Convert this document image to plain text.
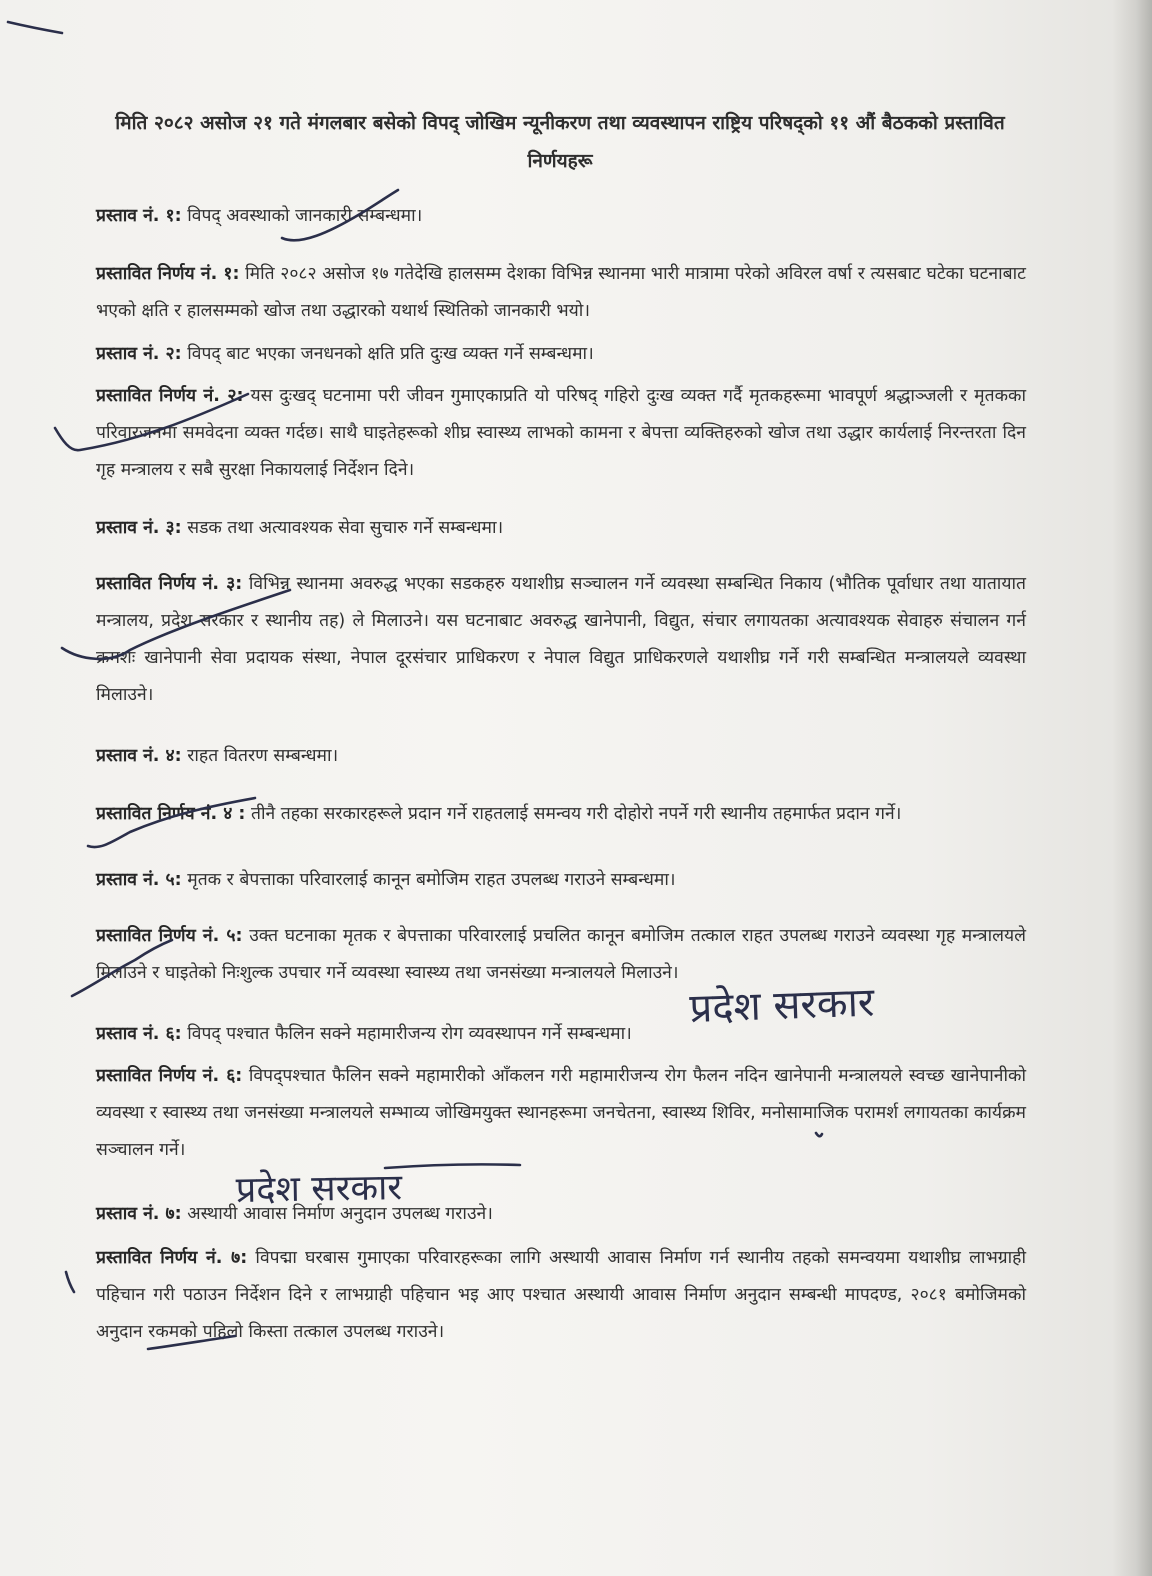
मिति २०८२ असोज २१ गते मंगलबार बसेको विपद् जोखिम न्यूनीकरण तथा व्यवस्थापन राष्ट्रिय परिषद्को ११ औं बैठकको प्रस्तावित निर्णयहरू
प्रस्ताव नं. १: विपद् अवस्थाको जानकारी सम्बन्धमा।
प्रस्तावित निर्णय नं. १: मिति २०८२ असोज १७ गतेदेखि हालसम्म देशका विभिन्न स्थानमा भारी मात्रामा परेको अविरल वर्षा र त्यसबाट घटेका घटनाबाट भएको क्षति र हालसम्मको खोज तथा उद्धारको यथार्थ स्थितिको जानकारी भयो।
प्रस्ताव नं. २: विपद् बाट भएका जनधनको क्षति प्रति दुःख व्यक्त गर्ने सम्बन्धमा।
प्रस्तावित निर्णय नं. २: यस दुःखद् घटनामा परी जीवन गुमाएकाप्रति यो परिषद् गहिरो दुःख व्यक्त गर्दै मृतकहरूमा भावपूर्ण श्रद्धाञ्जली र मृतकका परिवारजनमा समवेदना व्यक्त गर्दछ। साथै घाइतेहरूको शीघ्र स्वास्थ्य लाभको कामना र बेपत्ता व्यक्तिहरुको खोज तथा उद्धार कार्यलाई निरन्तरता दिन गृह मन्त्रालय र सबै सुरक्षा निकायलाई निर्देशन दिने।
प्रस्ताव नं. ३: सडक तथा अत्यावश्यक सेवा सुचारु गर्ने सम्बन्धमा।
प्रस्तावित निर्णय नं. ३: विभिन्न स्थानमा अवरुद्ध भएका सडकहरु यथाशीघ्र सञ्चालन गर्ने व्यवस्था सम्बन्धित निकाय (भौतिक पूर्वाधार तथा यातायात मन्त्रालय, प्रदेश सरकार र स्थानीय तह) ले मिलाउने। यस घटनाबाट अवरुद्ध खानेपानी, विद्युत, संचार लगायतका अत्यावश्यक सेवाहरु संचालन गर्न क्रमशः खानेपानी सेवा प्रदायक संस्था, नेपाल दूरसंचार प्राधिकरण र नेपाल विद्युत प्राधिकरणले यथाशीघ्र गर्ने गरी सम्बन्धित मन्त्रालयले व्यवस्था मिलाउने।
प्रस्ताव नं. ४: राहत वितरण सम्बन्धमा।
प्रस्तावित निर्णय नं. ४ : तीनै तहका सरकारहरूले प्रदान गर्ने राहतलाई समन्वय गरी दोहोरो नपर्ने गरी स्थानीय तहमार्फत प्रदान गर्ने।
प्रस्ताव नं. ५: मृतक र बेपत्ताका परिवारलाई कानून बमोजिम राहत उपलब्ध गराउने सम्बन्धमा।
प्रस्तावित निर्णय नं. ५: उक्त घटनाका मृतक र बेपत्ताका परिवारलाई प्रचलित कानून बमोजिम तत्काल राहत उपलब्ध गराउने व्यवस्था गृह मन्त्रालयले मिलाउने र घाइतेको निःशुल्क उपचार गर्ने व्यवस्था स्वास्थ्य तथा जनसंख्या मन्त्रालयले मिलाउने।
प्रस्ताव नं. ६: विपद् पश्चात फैलिन सक्ने महामारीजन्य रोग व्यवस्थापन गर्ने सम्बन्धमा।
प्रस्तावित निर्णय नं. ६: विपद्पश्चात फैलिन सक्ने महामारीको आँकलन गरी महामारीजन्य रोग फैलन नदिन खानेपानी मन्त्रालयले स्वच्छ खानेपानीको व्यवस्था र स्वास्थ्य तथा जनसंख्या मन्त्रालयले सम्भाव्य जोखिमयुक्त स्थानहरूमा जनचेतना, स्वास्थ्य शिविर, मनोसामाजिक परामर्श लगायतका कार्यक्रम सञ्चालन गर्ने।
प्रस्ताव नं. ७: अस्थायी आवास निर्माण अनुदान उपलब्ध गराउने।
प्रस्तावित निर्णय नं. ७: विपद्मा घरबास गुमाएका परिवारहरूका लागि अस्थायी आवास निर्माण गर्न स्थानीय तहको समन्वयमा यथाशीघ्र लाभग्राही पहिचान गरी पठाउन निर्देशन दिने र लाभग्राही पहिचान भइ आए पश्चात अस्थायी आवास निर्माण अनुदान सम्बन्धी मापदण्ड, २०८१ बमोजिमको अनुदान रकमको पहिलो किस्ता तत्काल उपलब्ध गराउने।
प्रदेश सरकार
प्रदेश सरकार
